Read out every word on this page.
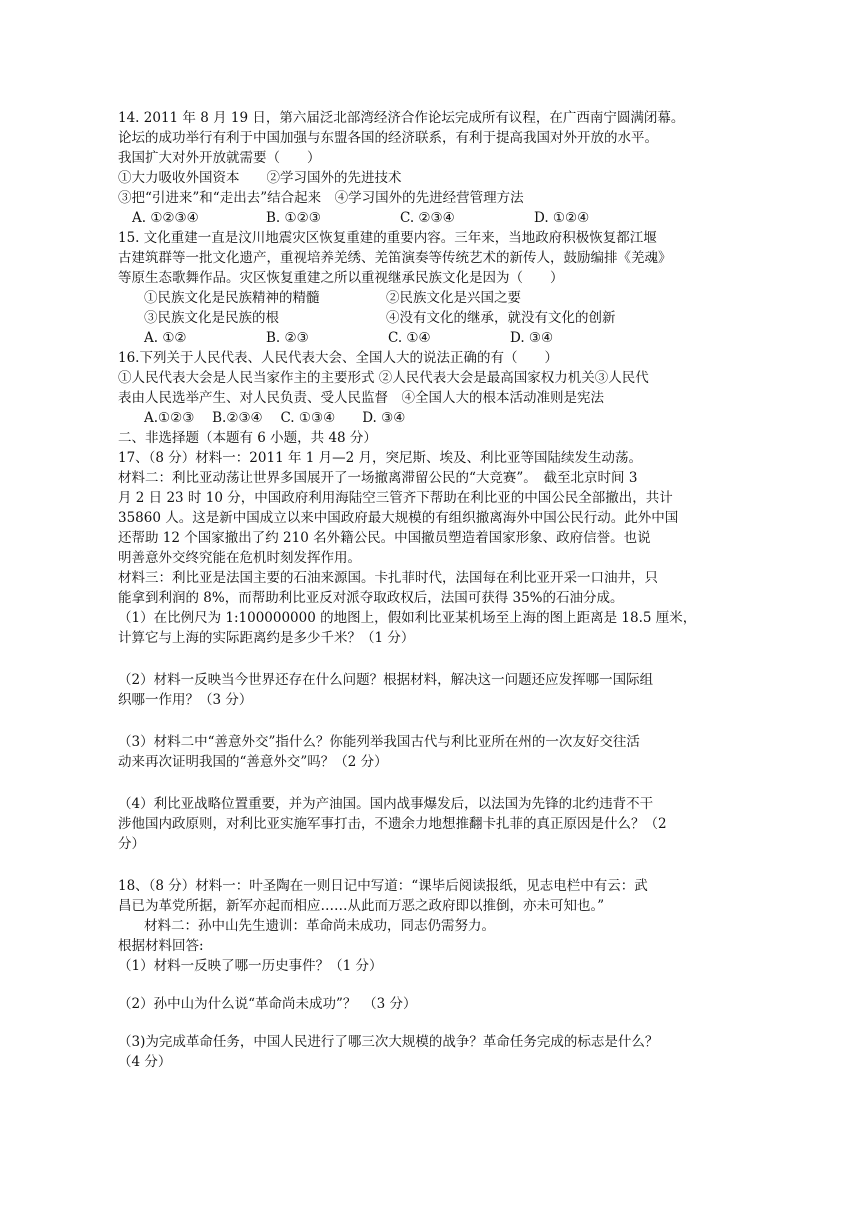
14. 2011 年 8 月 19 日，第六届泛北部湾经济合作论坛完成所有议程，在广西南宁圆满闭幕。
论坛的成功举行有利于中国加强与东盟各国的经济联系，有利于提高我国对外开放的水平。
我国扩大对外开放就需要（　　）
①大力吸收外国资本　　②学习国外的先进技术
③把“引进来”和“走出去”结合起来　④学习国外的先进经营管理方法
A. ①②③④	B. ①②③	C. ②③④	D. ①②④
15. 文化重建一直是汶川地震灾区恢复重建的重要内容。三年来，当地政府积极恢复都江堰
古建筑群等一批文化遗产，重视培养羌绣、羌笛演奏等传统艺术的新传人，鼓励编排《羌魂》
等原生态歌舞作品。灾区恢复重建之所以重视继承民族文化是因为（　　）
①民族文化是民族精神的精髓	②民族文化是兴国之要
③民族文化是民族的根	④没有文化的继承，就没有文化的创新
A. ①②	B. ②③	C. ①④	D. ③④
16.下列关于人民代表、人民代表大会、全国人大的说法正确的有（　　）
①人民代表大会是人民当家作主的主要形式 ②人民代表大会是最高国家权力机关③人民代
表由人民选举产生、对人民负责、受人民监督　④全国人大的根本活动准则是宪法
A.①②③　 B.②③④　 C. ①③④　　D. ③④
二、非选择题（本题有 6 小题，共 48 分）
17、（8 分）材料一：2011 年 1 月—2 月，突尼斯、埃及、利比亚等国陆续发生动荡。
材料二：利比亚动荡让世界多国展开了一场撤离滞留公民的“大竞赛”。　截至北京时间 3
月 2 日 23 时 10 分，中国政府利用海陆空三管齐下帮助在利比亚的中国公民全部撤出，共计
35860 人。这是新中国成立以来中国政府最大规模的有组织撤离海外中国公民行动。此外中国
还帮助 12 个国家撤出了约 210 名外籍公民。中国撤员塑造着国家形象、政府信誉。也说
明善意外交终究能在危机时刻发挥作用。
材料三：利比亚是法国主要的石油来源国。卡扎菲时代，法国每在利比亚开采一口油井，只
能拿到利润的 8%，而帮助利比亚反对派夺取政权后，法国可获得 35%的石油分成。
（1）在比例尺为 1:100000000 的地图上，假如利比亚某机场至上海的图上距离是 18.5 厘米，
计算它与上海的实际距离约是多少千米？（1 分）
（2）材料一反映当今世界还存在什么问题？根据材料，解决这一问题还应发挥哪一国际组
织哪一作用？（3 分）
（3）材料二中“善意外交”指什么？你能列举我国古代与利比亚所在州的一次友好交往活
动来再次证明我国的“善意外交”吗？（2 分）
（4）利比亚战略位置重要，并为产油国。国内战事爆发后，以法国为先锋的北约违背不干
涉他国内政原则，对利比亚实施军事打击，不遗余力地想推翻卡扎菲的真正原因是什么？（2
分）
18、（8 分）材料一：叶圣陶在一则日记中写道：“课毕后阅读报纸，见志电栏中有云：武
昌已为革党所据，新军亦起而相应……从此而万恶之政府即以推倒，亦未可知也。”
材料二：孙中山先生遗训：革命尚未成功，同志仍需努力。
根据材料回答:
（1）材料一反映了哪一历史事件？（1 分）
（2）孙中山为什么说“革命尚未成功”？　（3 分）
（3)为完成革命任务，中国人民进行了哪三次大规模的战争？革命任务完成的标志是什么？
（4 分）
